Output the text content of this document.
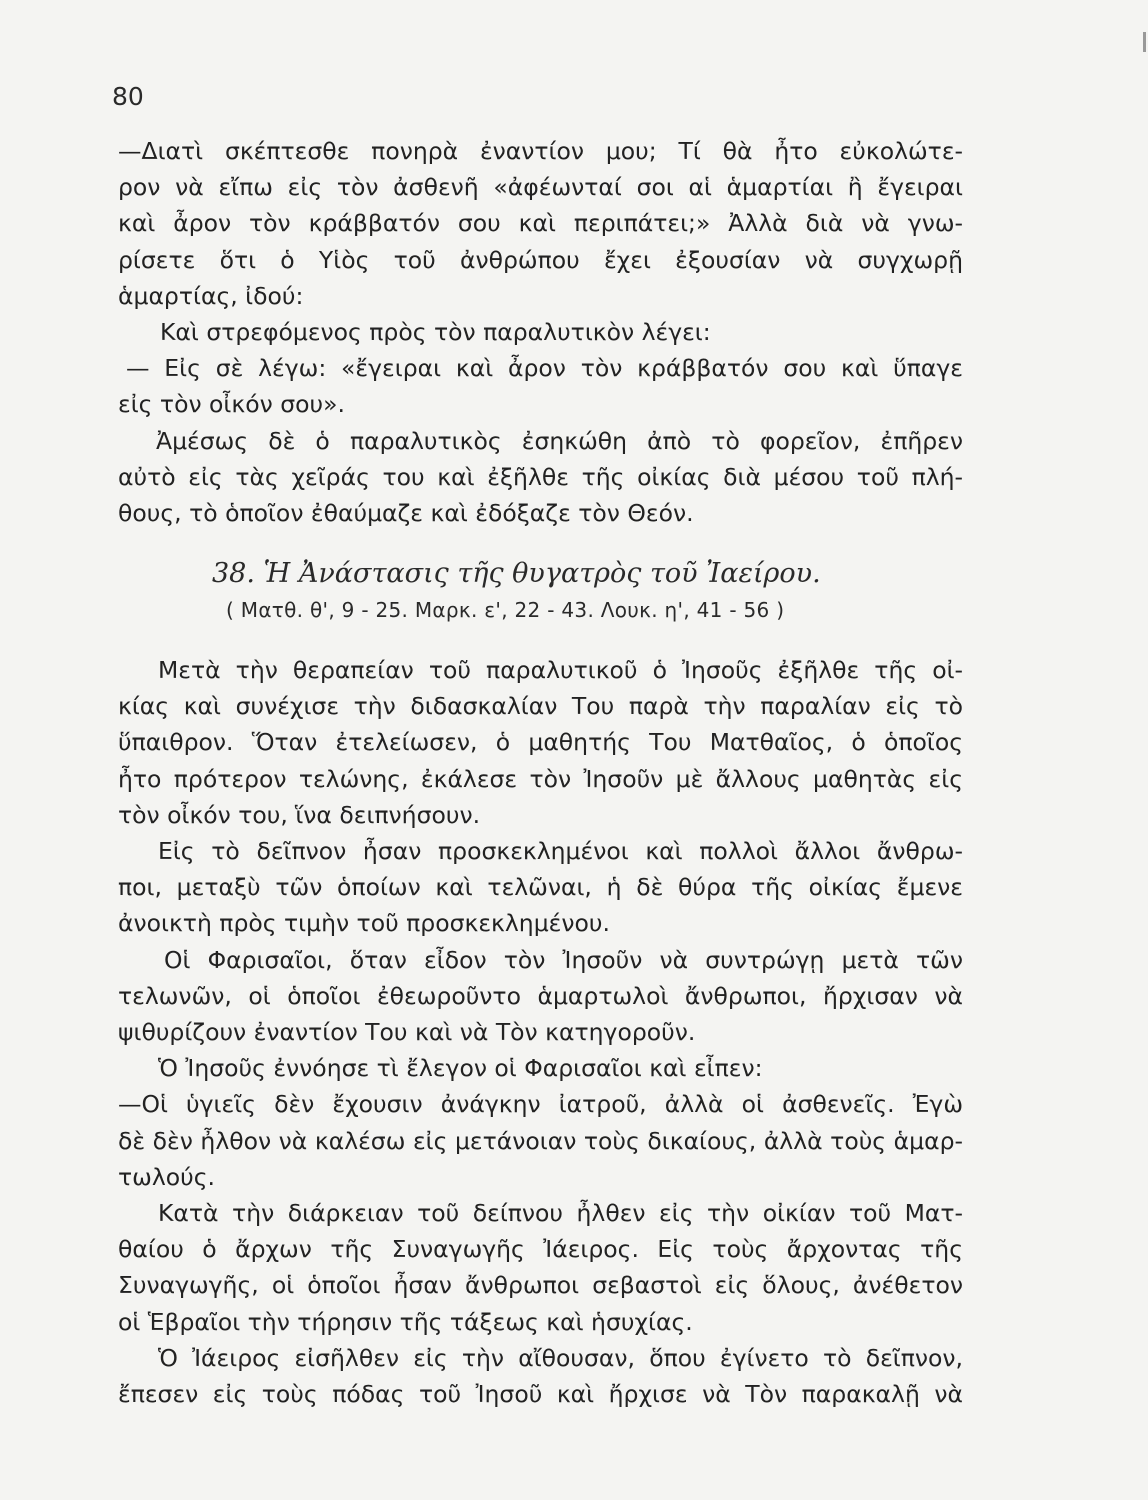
80
—Διατὶ σκέπτεσθε πονηρὰ ἐναντίον μου; Τί θὰ ἦτο εὐκολώτε-
ρον νὰ εἴπω εἰς τὸν ἀσθενῆ «ἀφέωνταί σοι αἱ ἁμαρτίαι ἢ ἔγειραι
καὶ ἆρον τὸν κράββατόν σου καὶ περιπάτει;» Ἀλλὰ διὰ νὰ γνω-
ρίσετε ὅτι ὁ Υἱὸς τοῦ ἀνθρώπου ἔχει ἐξουσίαν νὰ συγχωρῇ
ἁμαρτίας, ἰδού:
Καὶ στρεφόμενος πρὸς τὸν παραλυτικὸν λέγει:
— Εἰς σὲ λέγω: «ἔγειραι καὶ ἆρον τὸν κράββατόν σου καὶ ὕπαγε
εἰς τὸν οἶκόν σου».
Ἀμέσως δὲ ὁ παραλυτικὸς ἐσηκώθη ἀπὸ τὸ φορεῖον, ἐπῆρεν
αὐτὸ εἰς τὰς χεῖράς του καὶ ἐξῆλθε τῆς οἰκίας διὰ μέσου τοῦ πλή-
θους, τὸ ὁποῖον ἐθαύμαζε καὶ ἐδόξαζε τὸν Θεόν.
38. Ἡ Ἀνάστασις τῆς θυγατρὸς τοῦ Ἰαείρου.
( Ματθ. θ', 9 - 25. Μαρκ. ε', 22 - 43. Λουκ. η', 41 - 56 )
Μετὰ τὴν θεραπείαν τοῦ παραλυτικοῦ ὁ Ἰησοῦς ἐξῆλθε τῆς οἰ-
κίας καὶ συνέχισε τὴν διδασκαλίαν Του παρὰ τὴν παραλίαν εἰς τὸ
ὕπαιθρον. Ὅταν ἐτελείωσεν, ὁ μαθητής Του Ματθαῖος, ὁ ὁποῖος
ἦτο πρότερον τελώνης, ἐκάλεσε τὸν Ἰησοῦν μὲ ἄλλους μαθητὰς εἰς
τὸν οἶκόν του, ἵνα δειπνήσουν.
Εἰς τὸ δεῖπνον ἦσαν προσκεκλημένοι καὶ πολλοὶ ἄλλοι ἄνθρω-
ποι, μεταξὺ τῶν ὁποίων καὶ τελῶναι, ἡ δὲ θύρα τῆς οἰκίας ἔμενε
ἀνοικτὴ πρὸς τιμὴν τοῦ προσκεκλημένου.
Οἱ Φαρισαῖοι, ὅταν εἶδον τὸν Ἰησοῦν νὰ συντρώγῃ μετὰ τῶν
τελωνῶν, οἱ ὁποῖοι ἐθεωροῦντο ἁμαρτωλοὶ ἄνθρωποι, ἤρχισαν νὰ
ψιθυρίζουν ἐναντίον Του καὶ νὰ Τὸν κατηγοροῦν.
Ὁ Ἰησοῦς ἐννόησε τὶ ἔλεγον οἱ Φαρισαῖοι καὶ εἶπεν:
—Οἱ ὑγιεῖς δὲν ἔχουσιν ἀνάγκην ἰατροῦ, ἀλλὰ οἱ ἀσθενεῖς. Ἐγὼ
δὲ δὲν ἦλθον νὰ καλέσω εἰς μετάνοιαν τοὺς δικαίους, ἀλλὰ τοὺς ἁμαρ-
τωλούς.
Κατὰ τὴν διάρκειαν τοῦ δείπνου ἦλθεν εἰς τὴν οἰκίαν τοῦ Ματ-
θαίου ὁ ἄρχων τῆς Συναγωγῆς Ἰάειρος. Εἰς τοὺς ἄρχοντας τῆς
Συναγωγῆς, οἱ ὁποῖοι ἦσαν ἄνθρωποι σεβαστοὶ εἰς ὅλους, ἀνέθετον
οἱ Ἑβραῖοι τὴν τήρησιν τῆς τάξεως καὶ ἡσυχίας.
Ὁ Ἰάειρος εἰσῆλθεν εἰς τὴν αἴθουσαν, ὅπου ἐγίνετο τὸ δεῖπνον,
ἔπεσεν εἰς τοὺς πόδας τοῦ Ἰησοῦ καὶ ἤρχισε νὰ Τὸν παρακαλῇ νὰ
